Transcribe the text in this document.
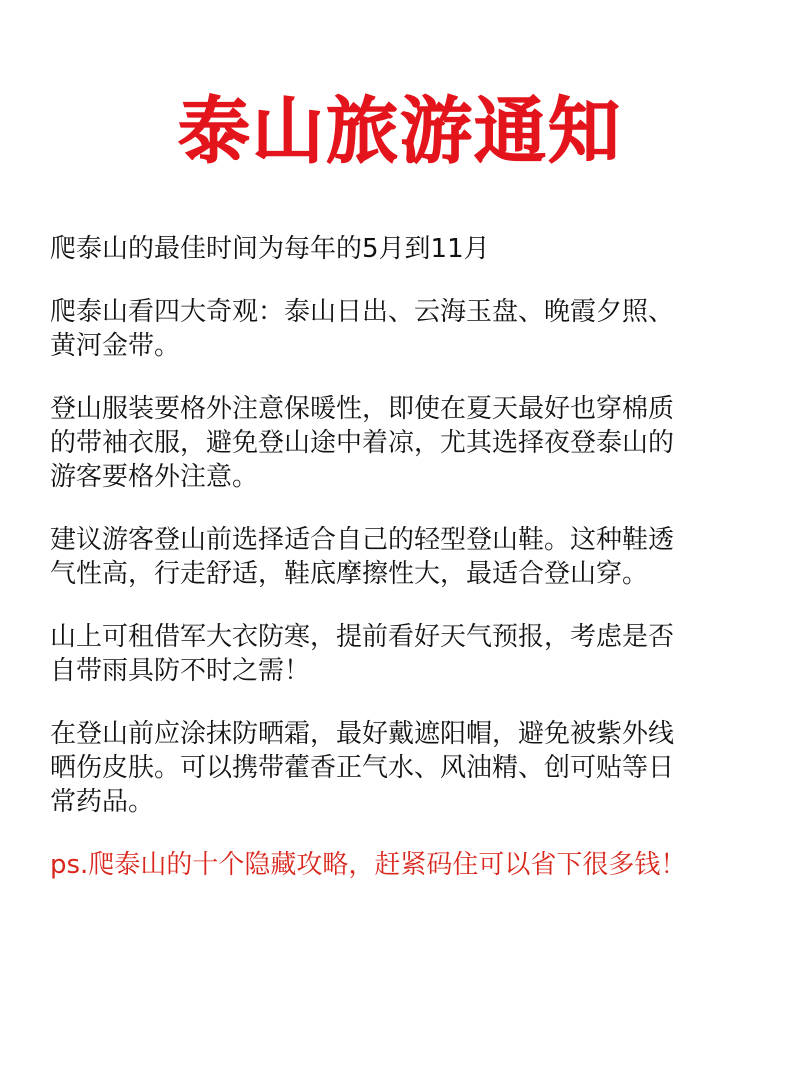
泰山旅游通知

爬泰山的最佳时间为每年的5月到11月

爬泰山看四大奇观：泰山日出、云海玉盘、晚霞夕照、
黄河金带。

登山服装要格外注意保暖性，即使在夏天最好也穿棉质
的带袖衣服，避免登山途中着凉，尤其选择夜登泰山的
游客要格外注意。

建议游客登山前选择适合自己的轻型登山鞋。这种鞋透
气性高，行走舒适，鞋底摩擦性大，最适合登山穿。

山上可租借军大衣防寒，提前看好天气预报，考虑是否
自带雨具防不时之需！

在登山前应涂抹防晒霜，最好戴遮阳帽，避免被紫外线
晒伤皮肤。可以携带藿香正气水、风油精、创可贴等日
常药品。

ps.爬泰山的十个隐藏攻略，赶紧码住可以省下很多钱！
